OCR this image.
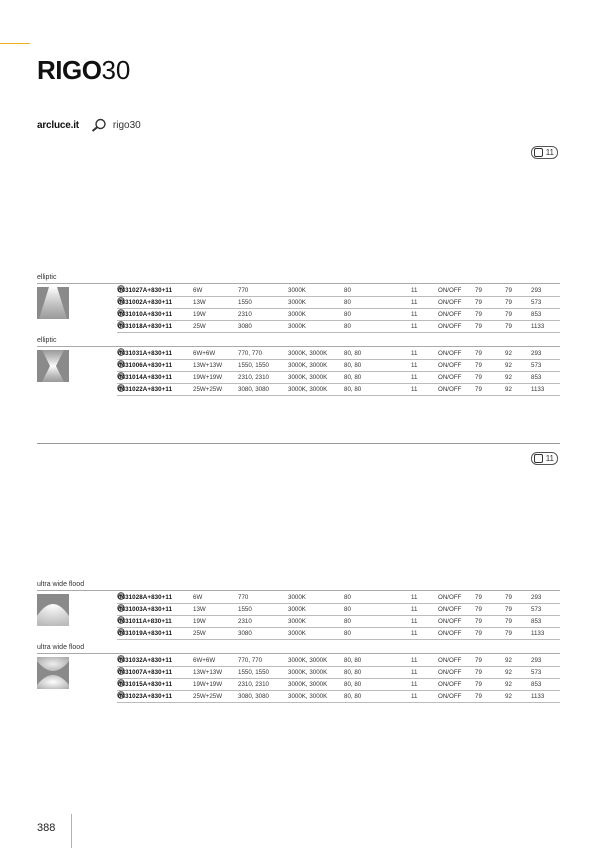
RIGO30
arcluce.it	rigo30
11
elliptic
0431027A+830+11	6W	770	3000K	80	11	ON/OFF 79	79	293
0431002A+830+11	13W	1550	3000K	80	11	ON/OFF 79	79	573
0431010A+830+11	19W	2310	3000K	80	11	ON/OFF 79	79	853
0431018A+830+11	25W	3080	3000K	80	11	ON/OFF 79	79	1133
elliptic
0431031A+830+11	6W+6W	770, 770	3000K, 3000K	80, 80	11	ON/OFF 79	92	293
0431006A+830+11	13W+13W	1550, 1550	3000K, 3000K	80, 80	11	ON/OFF 79	92	573
0431014A+830+11	19W+19W	2310, 2310	3000K, 3000K	80, 80	11	ON/OFF 79	92	853
0431022A+830+11	25W+25W	3080, 3080	3000K, 3000K	80, 80	11	ON/OFF 79	92	1133
11
ultra wide flood
0431028A+830+11	6W	770	3000K	80	11	ON/OFF 79	79	293
0431003A+830+11	13W	1550	3000K	80	11	ON/OFF 79	79	573
0431011A+830+11	19W	2310	3000K	80	11	ON/OFF 79	79	853
0431019A+830+11	25W	3080	3000K	80	11	ON/OFF 79	79	1133
ultra wide flood
0431032A+830+11	6W+6W	770, 770	3000K, 3000K	80, 80	11	ON/OFF 79	92	293
0431007A+830+11	13W+13W	1550, 1550	3000K, 3000K	80, 80	11	ON/OFF 79	92	573
0431015A+830+11	19W+19W	2310, 2310	3000K, 3000K	80, 80	11	ON/OFF 79	92	853
0431023A+830+11	25W+25W	3080, 3080	3000K, 3000K	80, 80	11	ON/OFF 79	92	1133
388
